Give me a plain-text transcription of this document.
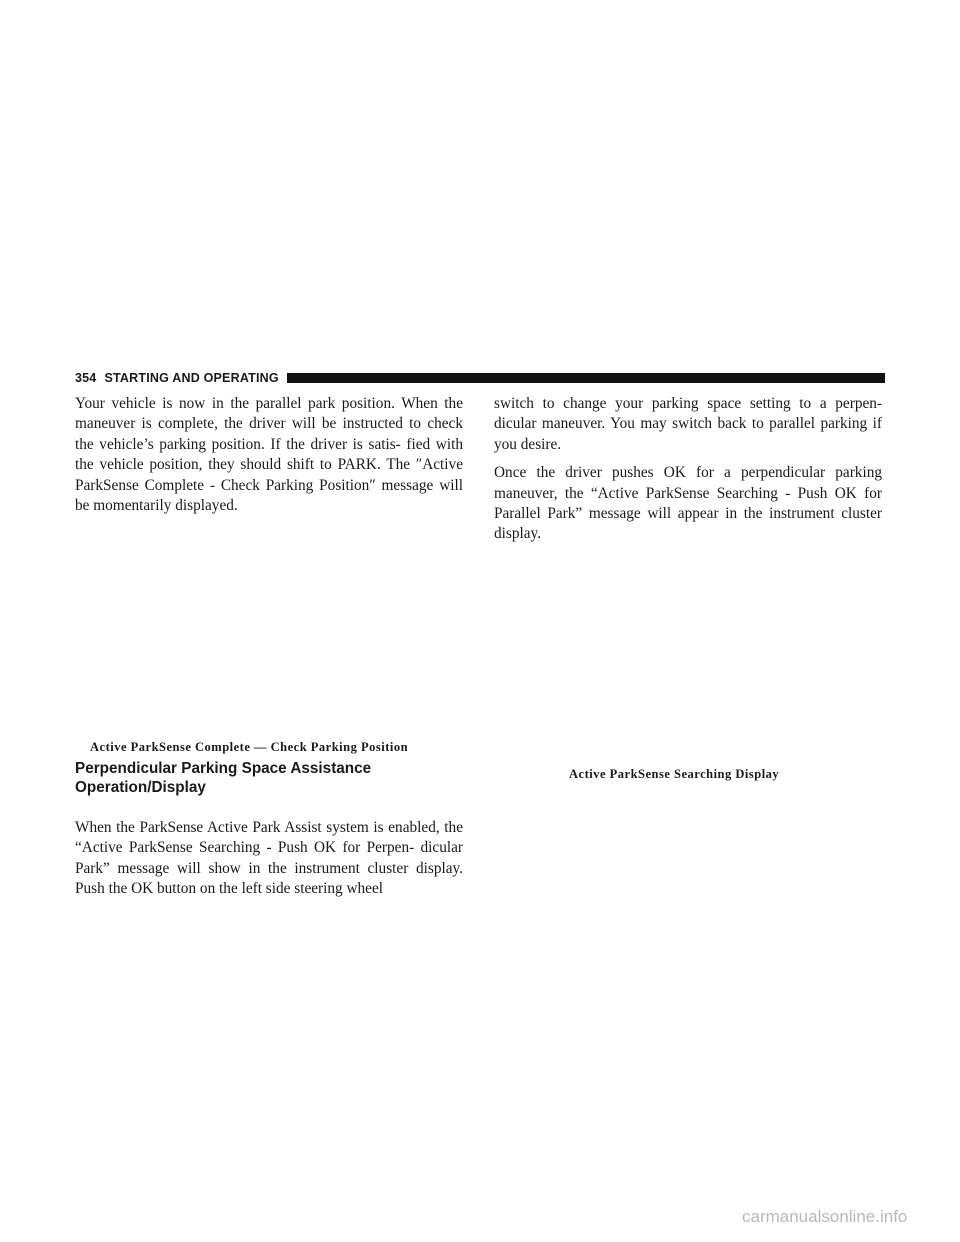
354 STARTING AND OPERATING

Your vehicle is now in the parallel park position. When the maneuver is complete, the driver will be instructed to check the vehicle’s parking position. If the driver is satis- fied with the vehicle position, they should shift to PARK. The ″Active ParkSense Complete - Check Parking Position″ message will be momentarily displayed.

Active ParkSense Complete — Check Parking Position

Perpendicular Parking Space Assistance Operation/Display

When the ParkSense Active Park Assist system is enabled, the “Active ParkSense Searching - Push OK for Perpen- dicular Park” message will show in the instrument cluster display. Push the OK button on the left side steering wheel

switch to change your parking space setting to a perpen- dicular maneuver. You may switch back to parallel parking if you desire.

Once the driver pushes OK for a perpendicular parking maneuver, the “Active ParkSense Searching - Push OK for Parallel Park” message will appear in the instrument cluster display.

Active ParkSense Searching Display

carmanualsonline.info
